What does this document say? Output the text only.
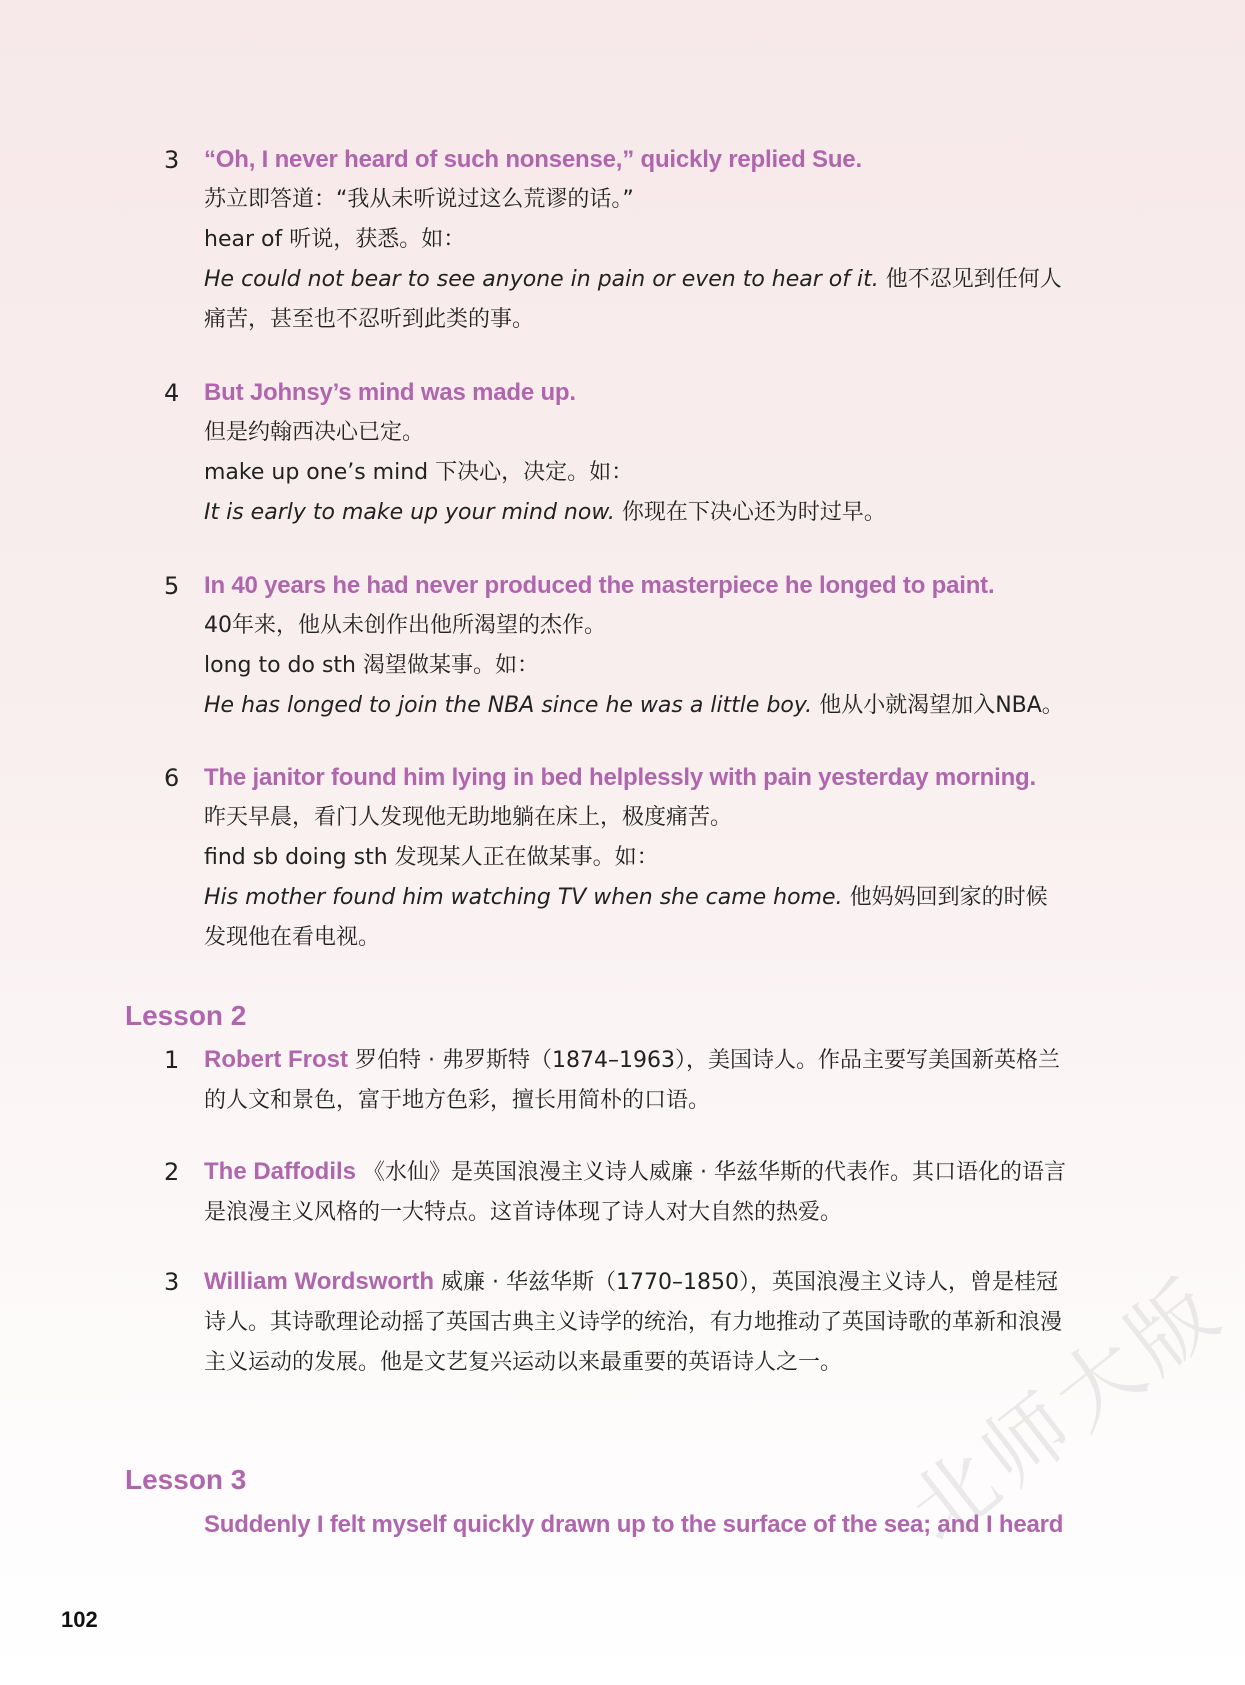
3	“Oh, I never heard of such nonsense,” quickly replied Sue.
苏立即答道：“我从未听说过这么荒谬的话。”
hear of 听说，获悉。如：
He could not bear to see anyone in pain or even to hear of it. 他不忍见到任何人痛苦，甚至也不忍听到此类的事。
4	But Johnsy’s mind was made up.
但是约翰西决心已定。
make up one’s mind 下决心，决定。如：
It is early to make up your mind now. 你现在下决心还为时过早。
5	In 40 years he had never produced the masterpiece he longed to paint.
40年来，他从未创作出他所渴望的杰作。
long to do sth 渴望做某事。如：
He has longed to join the NBA since he was a little boy. 他从小就渴望加入NBA。
6	The janitor found him lying in bed helplessly with pain yesterday morning.
昨天早晨，看门人发现他无助地躺在床上，极度痛苦。
find sb doing sth 发现某人正在做某事。如：
His mother found him watching TV when she came home. 他妈妈回到家的时候发现他在看电视。
Lesson 2
1	Robert Frost 罗伯特 · 弗罗斯特（1874–1963），美国诗人。作品主要写美国新英格兰的人文和景色，富于地方色彩，擅长用简朴的口语。
2	The Daffodils 《水仙》是英国浪漫主义诗人威廉 · 华兹华斯的代表作。其口语化的语言是浪漫主义风格的一大特点。这首诗体现了诗人对大自然的热爱。
3	William Wordsworth 威廉 · 华兹华斯（1770–1850），英国浪漫主义诗人，曾是桂冠诗人。其诗歌理论动摇了英国古典主义诗学的统治，有力地推动了英国诗歌的革新和浪漫主义运动的发展。他是文艺复兴运动以来最重要的英语诗人之一。
Lesson 3
Suddenly I felt myself quickly drawn up to the surface of the sea; and I heard
102
北师大版
